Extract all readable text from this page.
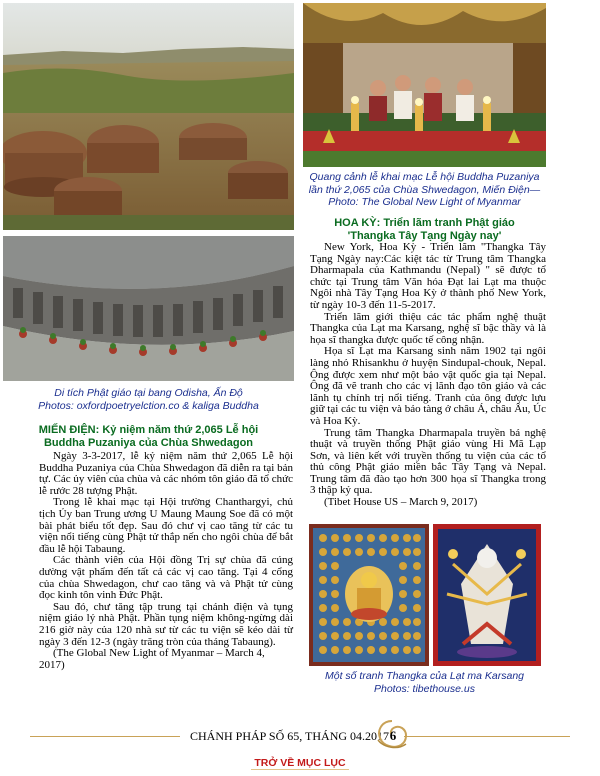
Quang cảnh lễ khai mạc Lễ hội Buddha Puzaniya
lần thứ 2,065 của Chùa Shwedagon, Miến Điện—
Photo: The Global New Light of Myanmar
Di tích Phật giáo tại bang Odisha, Ấn Độ
Photos: oxfordpoetryelction.co & kaliga Buddha
MIẾN ĐIỆN: Kỷ niệm năm thứ 2,065 Lễ hội
Buddha Puzaniya của Chùa Shwedagon

Ngày 3-3-2017, lễ kỷ niệm năm thứ 2,065 Lễ hội Buddha Puzaniya của Chùa Shwedagon đã diễn ra tại bản tự. Các ủy viên của chùa và các nhóm tôn giáo đã tổ chức lễ rước 28 tượng Phật.

Trong lễ khai mạc tại Hội trường Chanthargyi, chủ tịch Ủy ban Trung ương U Maung Maung Soe đã có một bài phát biểu tốt đẹp. Sau đó chư vị cao tăng từ các tu viện nổi tiếng cùng Phật tử thắp nến cho ngôi chùa để bắt đầu lễ hội Tabaung.

Các thành viên của Hội đồng Trị sự chùa đã cúng dường vật phẩm đến tất cả các vị cao tăng. Tại 4 cổng của chùa Shwedagon, chư cao tăng và và Phật tử cùng đọc kinh tôn vinh Đức Phật.

Sau đó, chư tăng tập trung tại chánh điện và tụng niệm giáo lý nhà Phật. Phần tụng niệm không-ngừng dài 216 giờ này của 120 nhà sư từ các tu viện sẽ kéo dài từ ngày 3 đến 12-3 (ngày trăng tròn của tháng Tabaung).

(The Global New Light of Myanmar – March 4, 2017)

HOA KỲ: Triển lãm tranh Phật giáo
'Thangka Tây Tạng Ngày nay'

New York, Hoa Kỳ - Triển lãm "Thangka Tây Tạng Ngày nay:Các kiệt tác từ Trung tâm Thangka Dharmapala của Kathmandu (Nepal) " sẽ được tổ chức tại Trung tâm Văn hóa Đạt lai Lạt ma thuộc Ngôi nhà Tây Tạng Hoa Kỳ ở thành phố New York, từ ngày 10-3 đến 11-5-2017.

Triển lãm giới thiệu các tác phẩm nghệ thuật Thangka của Lạt ma Karsang, nghệ sĩ bậc thầy và là họa sĩ thangka được quốc tế công nhận.

Họa sĩ Lạt ma Karsang sinh năm 1902 tại ngôi làng nhỏ Rhisankhu ở huyện Sindupal-chouk, Nepal. Ông được xem như một bảo vật quốc gia tại Nepal. Ông đã vẽ tranh cho các vị lãnh đạo tôn giáo và các lãnh tụ chính trị nổi tiếng. Tranh của ông được lưu giữ tại các tu viện và bảo tàng ở châu Á, châu Âu, Úc và Hoa Kỳ.

Trung tâm Thangka Dharmapala truyền bá nghệ thuật và truyền thống Phật giáo vùng Hi Mã Lạp Sơn, và liên kết với truyền thống tu viện của các tổ thủ công Phật giáo miền bắc Tây Tạng và Nepal. Trung tâm đã đào tạo hơn 300 họa sĩ Thangka trong 3 thập kỷ qua.

(Tibet House US – March 9, 2017)

Một số tranh Thangka của Lạt ma Karsang
Photos: tibethouse.us
CHÁNH PHÁP SỐ 65, THÁNG 04.2017 6
TRỞ VỀ MỤC LỤC
